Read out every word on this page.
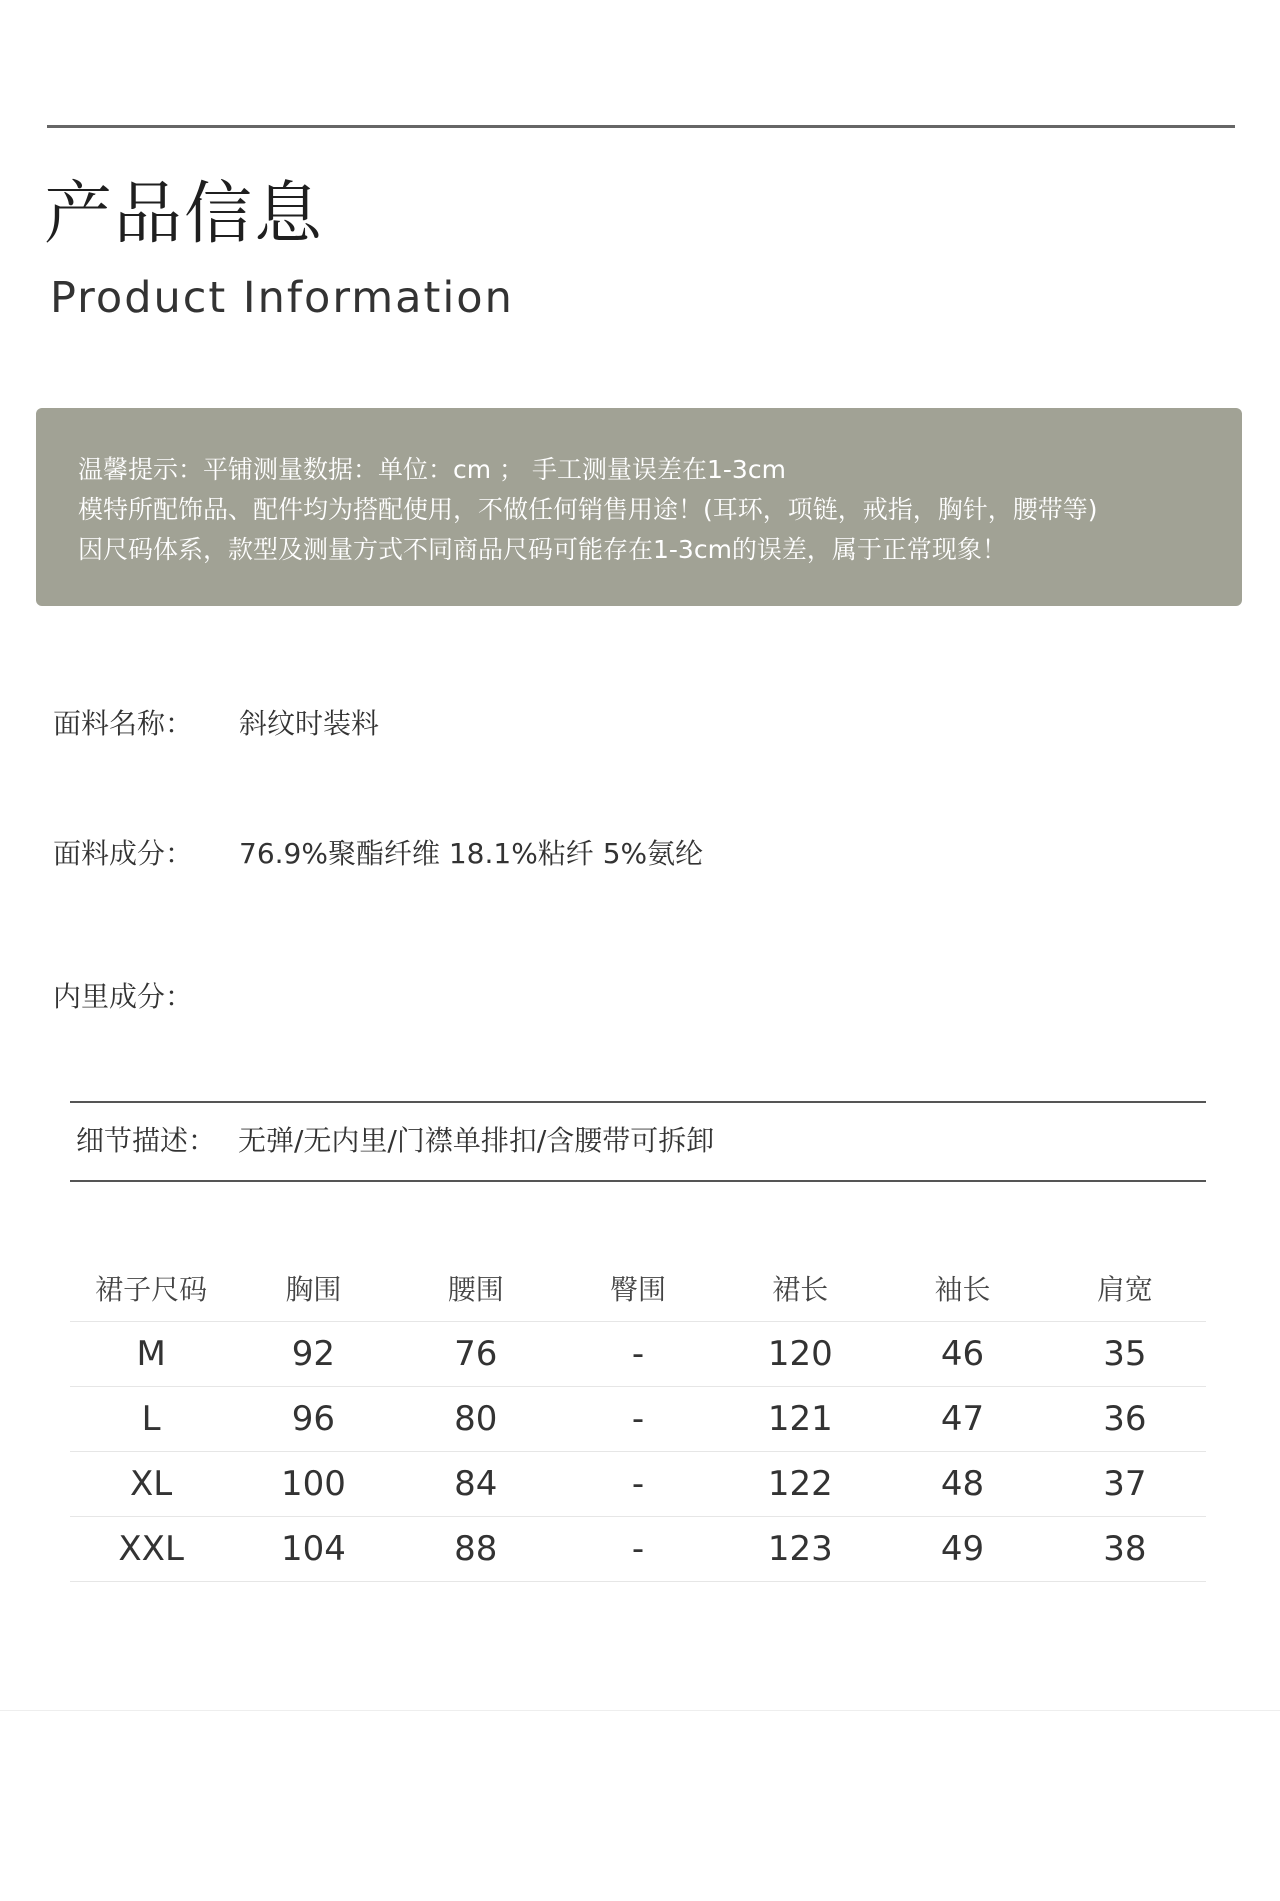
产品信息
Product Information
温馨提示：平铺测量数据：单位：cm ； 手工测量误差在1-3cm
模特所配饰品、配件均为搭配使用，不做任何销售用途！(耳环，项链，戒指，胸针，腰带等)
因尺码体系，款型及测量方式不同商品尺码可能存在1-3cm的误差，属于正常现象！
面料名称： 斜纹时装料
面料成分： 76.9%聚酯纤维 18.1%粘纤 5%氨纶
内里成分：
细节描述： 无弹/无内里/门襟单排扣/含腰带可拆卸
裙子尺码	胸围	腰围	臀围	裙长	袖长	肩宽
M	92	76	-	120	46	35
L	96	80	-	121	47	36
XL	100	84	-	122	48	37
XXL	104	88	-	123	49	38
